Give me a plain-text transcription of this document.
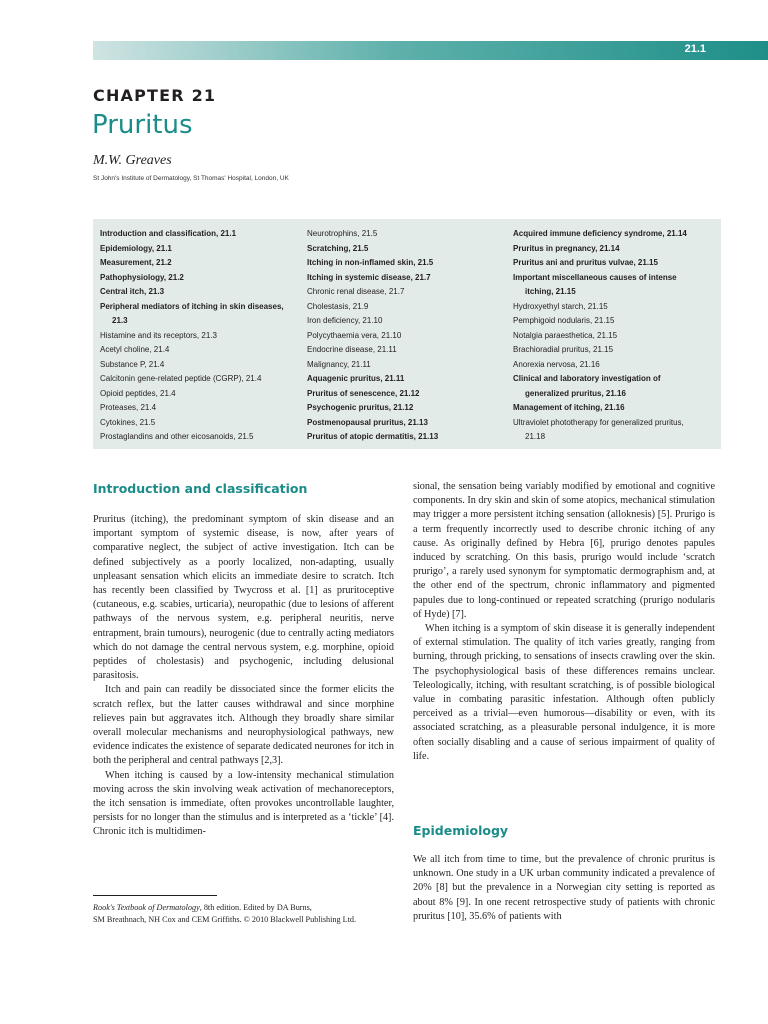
21.1
CHAPTER 21
Pruritus
M.W. Greaves
St John's Institute of Dermatology, St Thomas' Hospital, London, UK
Introduction and classification, 21.1
Epidemiology, 21.1
Measurement, 21.2
Pathophysiology, 21.2
Central itch, 21.3
Peripheral mediators of itching in skin diseases,
21.3
Histamine and its receptors, 21.3
Acetyl choline, 21.4
Substance P, 21.4
Calcitonin gene-related peptide (CGRP), 21.4
Opioid peptides, 21.4
Proteases, 21.4
Cytokines, 21.5
Prostaglandins and other eicosanoids, 21.5
Neurotrophins, 21.5
Scratching, 21.5
Itching in non-inflamed skin, 21.5
Itching in systemic disease, 21.7
Chronic renal disease, 21.7
Cholestasis, 21.9
Iron deficiency, 21.10
Polycythaemia vera, 21.10
Endocrine disease, 21.11
Malignancy, 21.11
Aquagenic pruritus, 21.11
Pruritus of senescence, 21.12
Psychogenic pruritus, 21.12
Postmenopausal pruritus, 21.13
Pruritus of atopic dermatitis, 21.13
Acquired immune deficiency syndrome, 21.14
Pruritus in pregnancy, 21.14
Pruritus ani and pruritus vulvae, 21.15
Important miscellaneous causes of intense
itching, 21.15
Hydroxyethyl starch, 21.15
Pemphigoid nodularis, 21.15
Notalgia paraesthetica, 21.15
Brachioradial pruritus, 21.15
Anorexia nervosa, 21.16
Clinical and laboratory investigation of
generalized pruritus, 21.16
Management of itching, 21.16
Ultraviolet phototherapy for generalized pruritus,
21.18
Introduction and classification

Pruritus (itching), the predominant symptom of skin disease and an important symptom of systemic disease, is now, after years of comparative neglect, the subject of active investigation. Itch can be defined subjectively as a poorly localized, non-adapting, usually unpleasant sensation which elicits an immediate desire to scratch. Itch has recently been classified by Twycross et al. [1] as pruritoceptive (cutaneous, e.g. scabies, urticaria), neuropathic (due to lesions of afferent pathways of the nervous system, e.g. peripheral neuritis, nerve entrapment, brain tumours), neurogenic (due to centrally acting mediators which do not damage the central nervous system, e.g. morphine, opioid peptides of cholestasis) and psychogenic, including delusional parasitosis.

Itch and pain can readily be dissociated since the former elicits the scratch reflex, but the latter causes withdrawal and since morphine relieves pain but aggravates itch. Although they broadly share similar overall molecular mechanisms and neurophysiological pathways, new evidence indicates the existence of separate dedicated neurones for itch in both the peripheral and central pathways [2,3].

When itching is caused by a low-intensity mechanical stimulation moving across the skin involving weak activation of mechanoreceptors, the itch sensation is immediate, often provokes uncontrollable laughter, persists for no longer than the stimulus and is interpreted as a ‘tickle’ [4]. Chronic itch is multidimen-

sional, the sensation being variably modified by emotional and cognitive components. In dry skin and skin of some atopics, mechanical stimulation may trigger a more persistent itching sensation (alloknesis) [5]. Prurigo is a term frequently incorrectly used to describe chronic itching of any cause. As originally defined by Hebra [6], prurigo denotes papules induced by scratching. On this basis, prurigo would include ‘scratch prurigo’, a rarely used synonym for symptomatic dermographism and, at the other end of the spectrum, chronic inflammatory and pigmented papules due to long-continued or repeated scratching (prurigo nodularis of Hyde) [7].

When itching is a symptom of skin disease it is generally independent of external stimulation. The quality of itch varies greatly, ranging from burning, through pricking, to sensations of insects crawling over the skin. The psychophysiological basis of these differences remains unclear. Teleologically, itching, with resultant scratching, is of possible biological value in combating parasitic infestation. Although often publicly perceived as a trivial—even humorous—disability or even, with its associated scratching, as a pleasurable personal indulgence, it is more often socially disabling and a cause of serious impairment of quality of life.

Epidemiology

We all itch from time to time, but the prevalence of chronic pruritus is unknown. One study in a UK urban community indicated a prevalence of 20% [8] but the prevalence in a Norwegian city setting is reported as about 8% [9]. In one recent retrospective study of patients with chronic pruritus [10], 35.6% of patients with

Rook's Textbook of Dermatology, 8th edition. Edited by DA Burns,
SM Breathnach, NH Cox and CEM Griffiths. © 2010 Blackwell Publishing Ltd.
